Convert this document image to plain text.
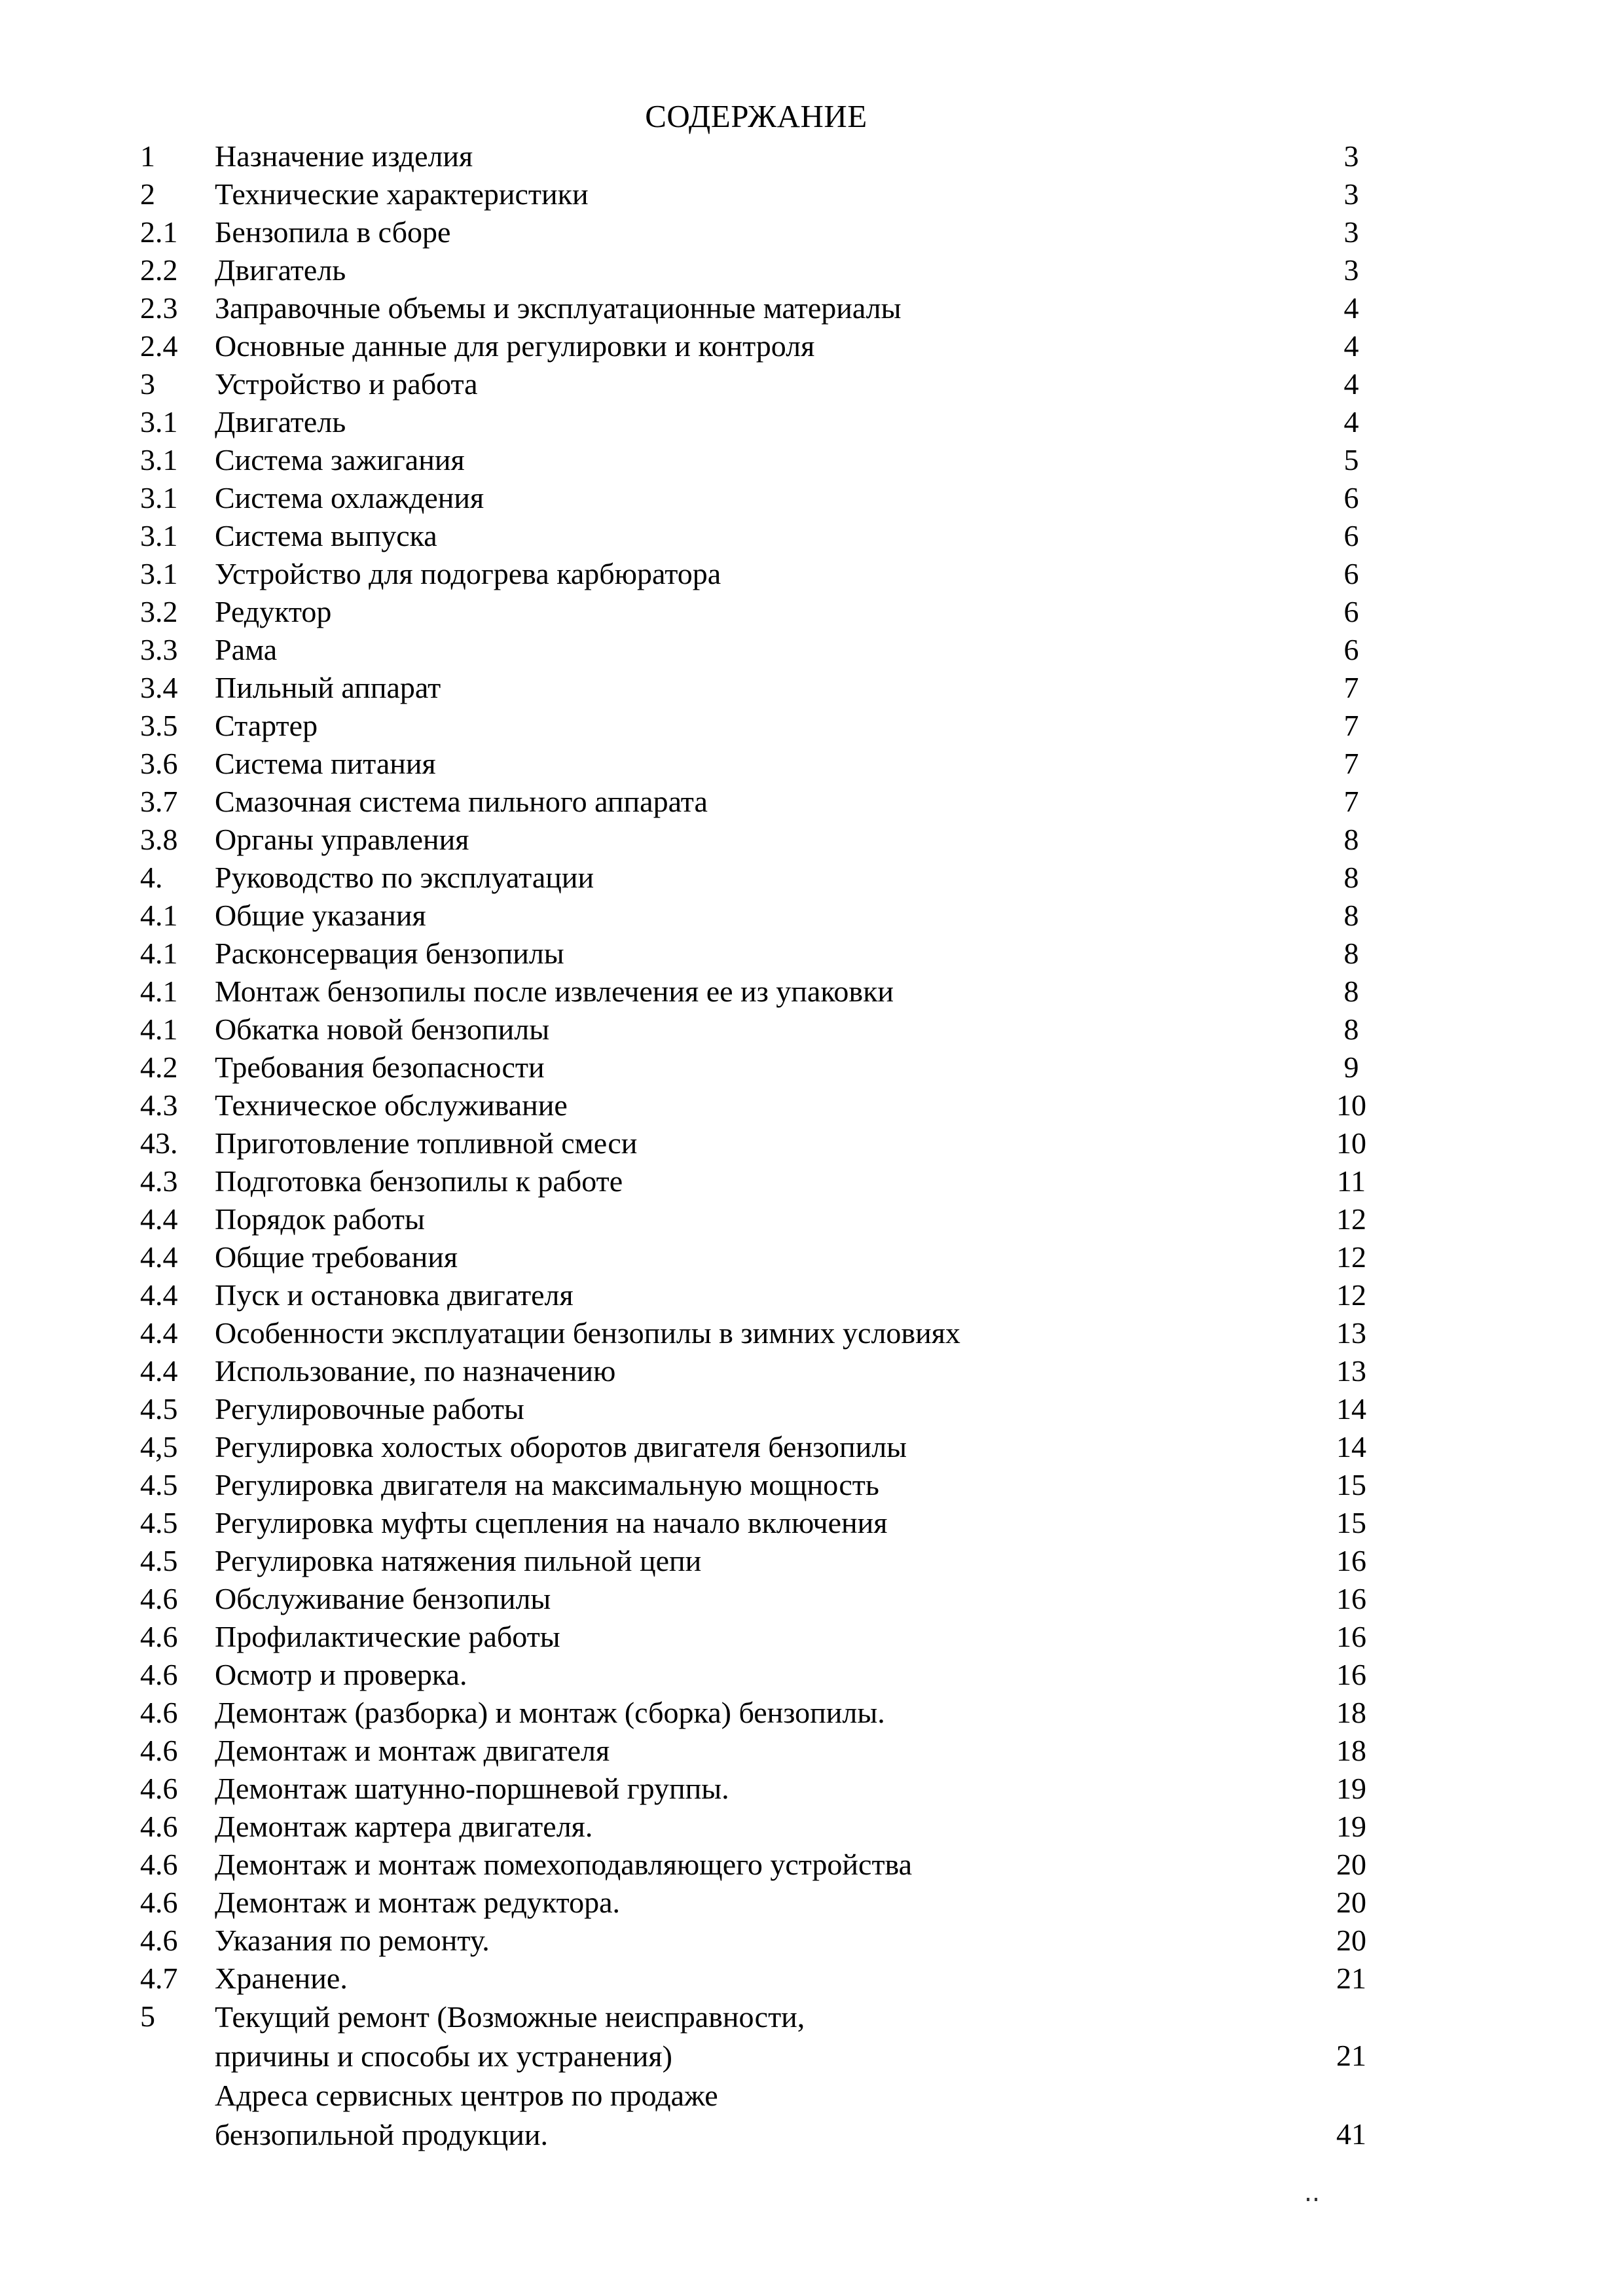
СОДЕРЖАНИЕ
1 Назначение изделия	3
2 Технические характеристики	3
2.1 Бензопила в сборе	3
2.2 Двигатель	3
2.3 Заправочные объемы и эксплуатационные материалы	4
2.4 Основные данные для регулировки и контроля	4
3 Устройство и работа	4
3.1 Двигатель	4
3.1 Система зажигания	5
3.1 Система охлаждения	6
3.1 Система выпуска	6
3.1 Устройство для подогрева карбюратора	6
3.2 Редуктор	6
3.3 Рама	6
3.4 Пильный аппарат	7
3.5 Стартер	7
3.6 Система питания	7
3.7 Смазочная система пильного аппарата	7
3.8 Органы управления	8
4. Руководство по эксплуатации	8
4.1 Общие указания	8
4.1 Расконсервация бензопилы	8
4.1 Монтаж бензопилы после извлечения ее из упаковки	8
4.1 Обкатка новой бензопилы	8
4.2 Требования безопасности	9
4.3 Техническое обслуживание	10
43. Приготовление топливной смеси	10
4.3 Подготовка бензопилы к работе	11
4.4 Порядок работы	12
4.4 Общие требования	12
4.4 Пуск и остановка двигателя	12
4.4 Особенности эксплуатации бензопилы в зимних условиях	13
4.4 Использование, по назначению	13
4.5 Регулировочные работы	14
4,5 Регулировка холостых оборотов двигателя бензопилы	14
4.5 Регулировка двигателя на максимальную мощность	15
4.5 Регулировка муфты сцепления на начало включения	15
4.5 Регулировка натяжения пильной цепи	16
4.6 Обслуживание бензопилы	16
4.6 Профилактические работы	16
4.6 Осмотр и проверка.	16
4.6 Демонтаж (разборка) и монтаж (сборка) бензопилы.	18
4.6 Демонтаж и монтаж двигателя	18
4.6 Демонтаж шатунно-поршневой группы.	19
4.6 Демонтаж картера двигателя.	19
4.6 Демонтаж и монтаж помехоподавляющего устройства	20
4.6 Демонтаж и монтаж редуктора.	20
4.6 Указания по ремонту.	20
4.7 Хранение.	21
5 Текущий ремонт (Возможные неисправности,
причины и способы их устранения)	21
Адреса сервисных центров по продаже
бензопильной продукции.	41
